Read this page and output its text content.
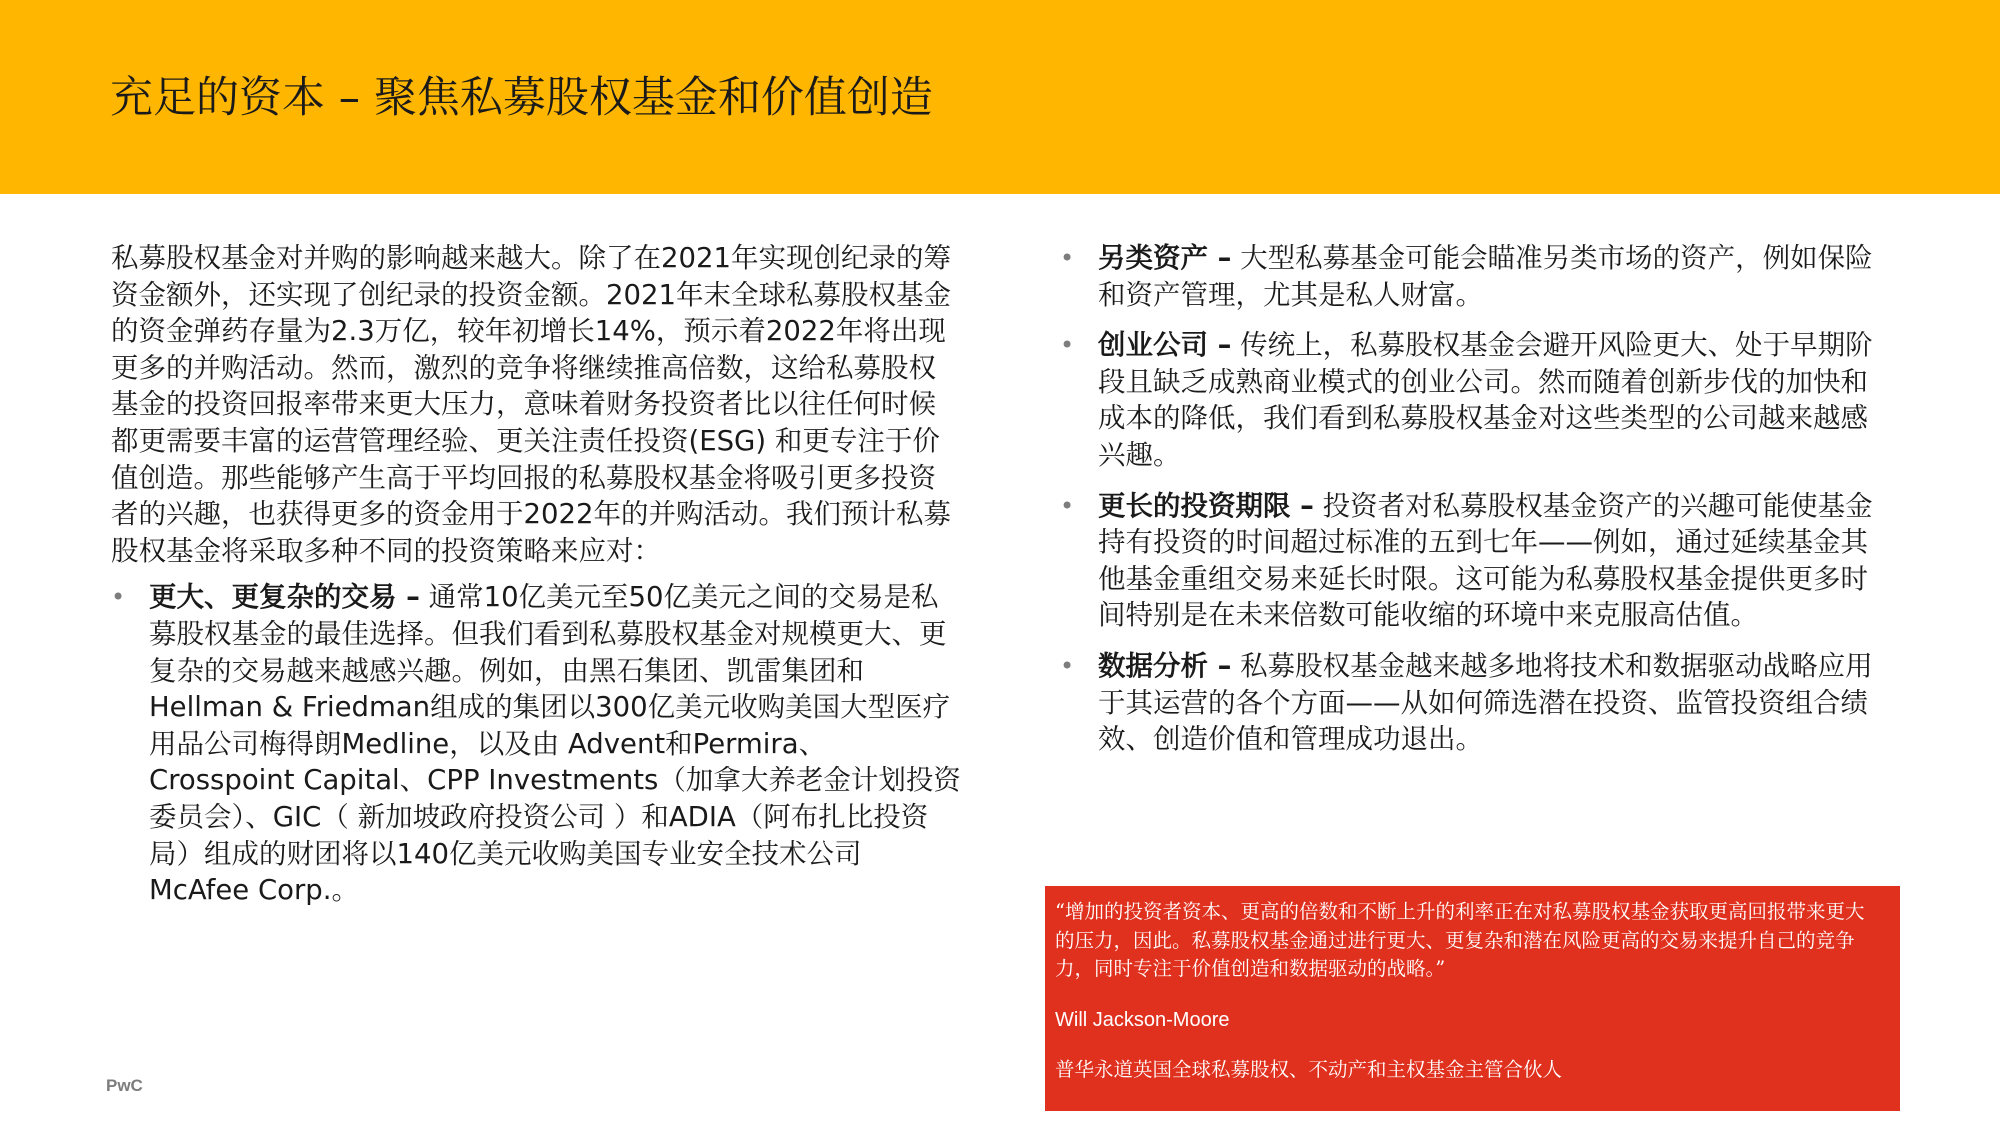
充足的资本 – 聚焦私募股权基金和价值创造

私募股权基金对并购的影响越来越大。除了在2021年实现创纪录的筹资金额外，还实现了创纪录的投资金额。2021年末全球私募股权基金的资金弹药存量为2.3万亿，较年初增长14%，预示着2022年将出现更多的并购活动。然而，激烈的竞争将继续推高倍数，这给私募股权基金的投资回报率带来更大压力，意味着财务投资者比以往任何时候都更需要丰富的运营管理经验、更关注责任投资(ESG) 和更专注于价值创造。那些能够产生高于平均回报的私募股权基金将吸引更多投资者的兴趣，也获得更多的资金用于2022年的并购活动。我们预计私募股权基金将采取多种不同的投资策略来应对：

• 更大、更复杂的交易 – 通常10亿美元至50亿美元之间的交易是私募股权基金的最佳选择。但我们看到私募股权基金对规模更大、更复杂的交易越来越感兴趣。例如，由黑石集团、凯雷集团和Hellman & Friedman组成的集团以300亿美元收购美国大型医疗用品公司梅得朗Medline，以及由 Advent和Permira、Crosspoint Capital、CPP Investments（加拿大养老金计划投资委员会）、GIC（ 新加坡政府投资公司 ）和ADIA（阿布扎比投资局）组成的财团将以140亿美元收购美国专业安全技术公司McAfee Corp.。
• 另类资产 – 大型私募基金可能会瞄准另类市场的资产，例如保险和资产管理，尤其是私人财富。
• 创业公司 – 传统上，私募股权基金会避开风险更大、处于早期阶段且缺乏成熟商业模式的创业公司。然而随着创新步伐的加快和成本的降低，我们看到私募股权基金对这些类型的公司越来越感兴趣。
• 更长的投资期限 – 投资者对私募股权基金资产的兴趣可能使基金持有投资的时间超过标准的五到七年——例如，通过延续基金其他基金重组交易来延长时限。这可能为私募股权基金提供更多时间特别是在未来倍数可能收缩的环境中来克服高估值。
• 数据分析 – 私募股权基金越来越多地将技术和数据驱动战略应用于其运营的各个方面——从如何筛选潜在投资、监管投资组合绩效、创造价值和管理成功退出。

“增加的投资者资本、更高的倍数和不断上升的利率正在对私募股权基金获取更高回报带来更大的压力，因此。私募股权基金通过进行更大、更复杂和潜在风险更高的交易来提升自己的竞争力，同时专注于价值创造和数据驱动的战略。”

Will Jackson-Moore
普华永道英国全球私募股权、不动产和主权基金主管合伙人
PwC
